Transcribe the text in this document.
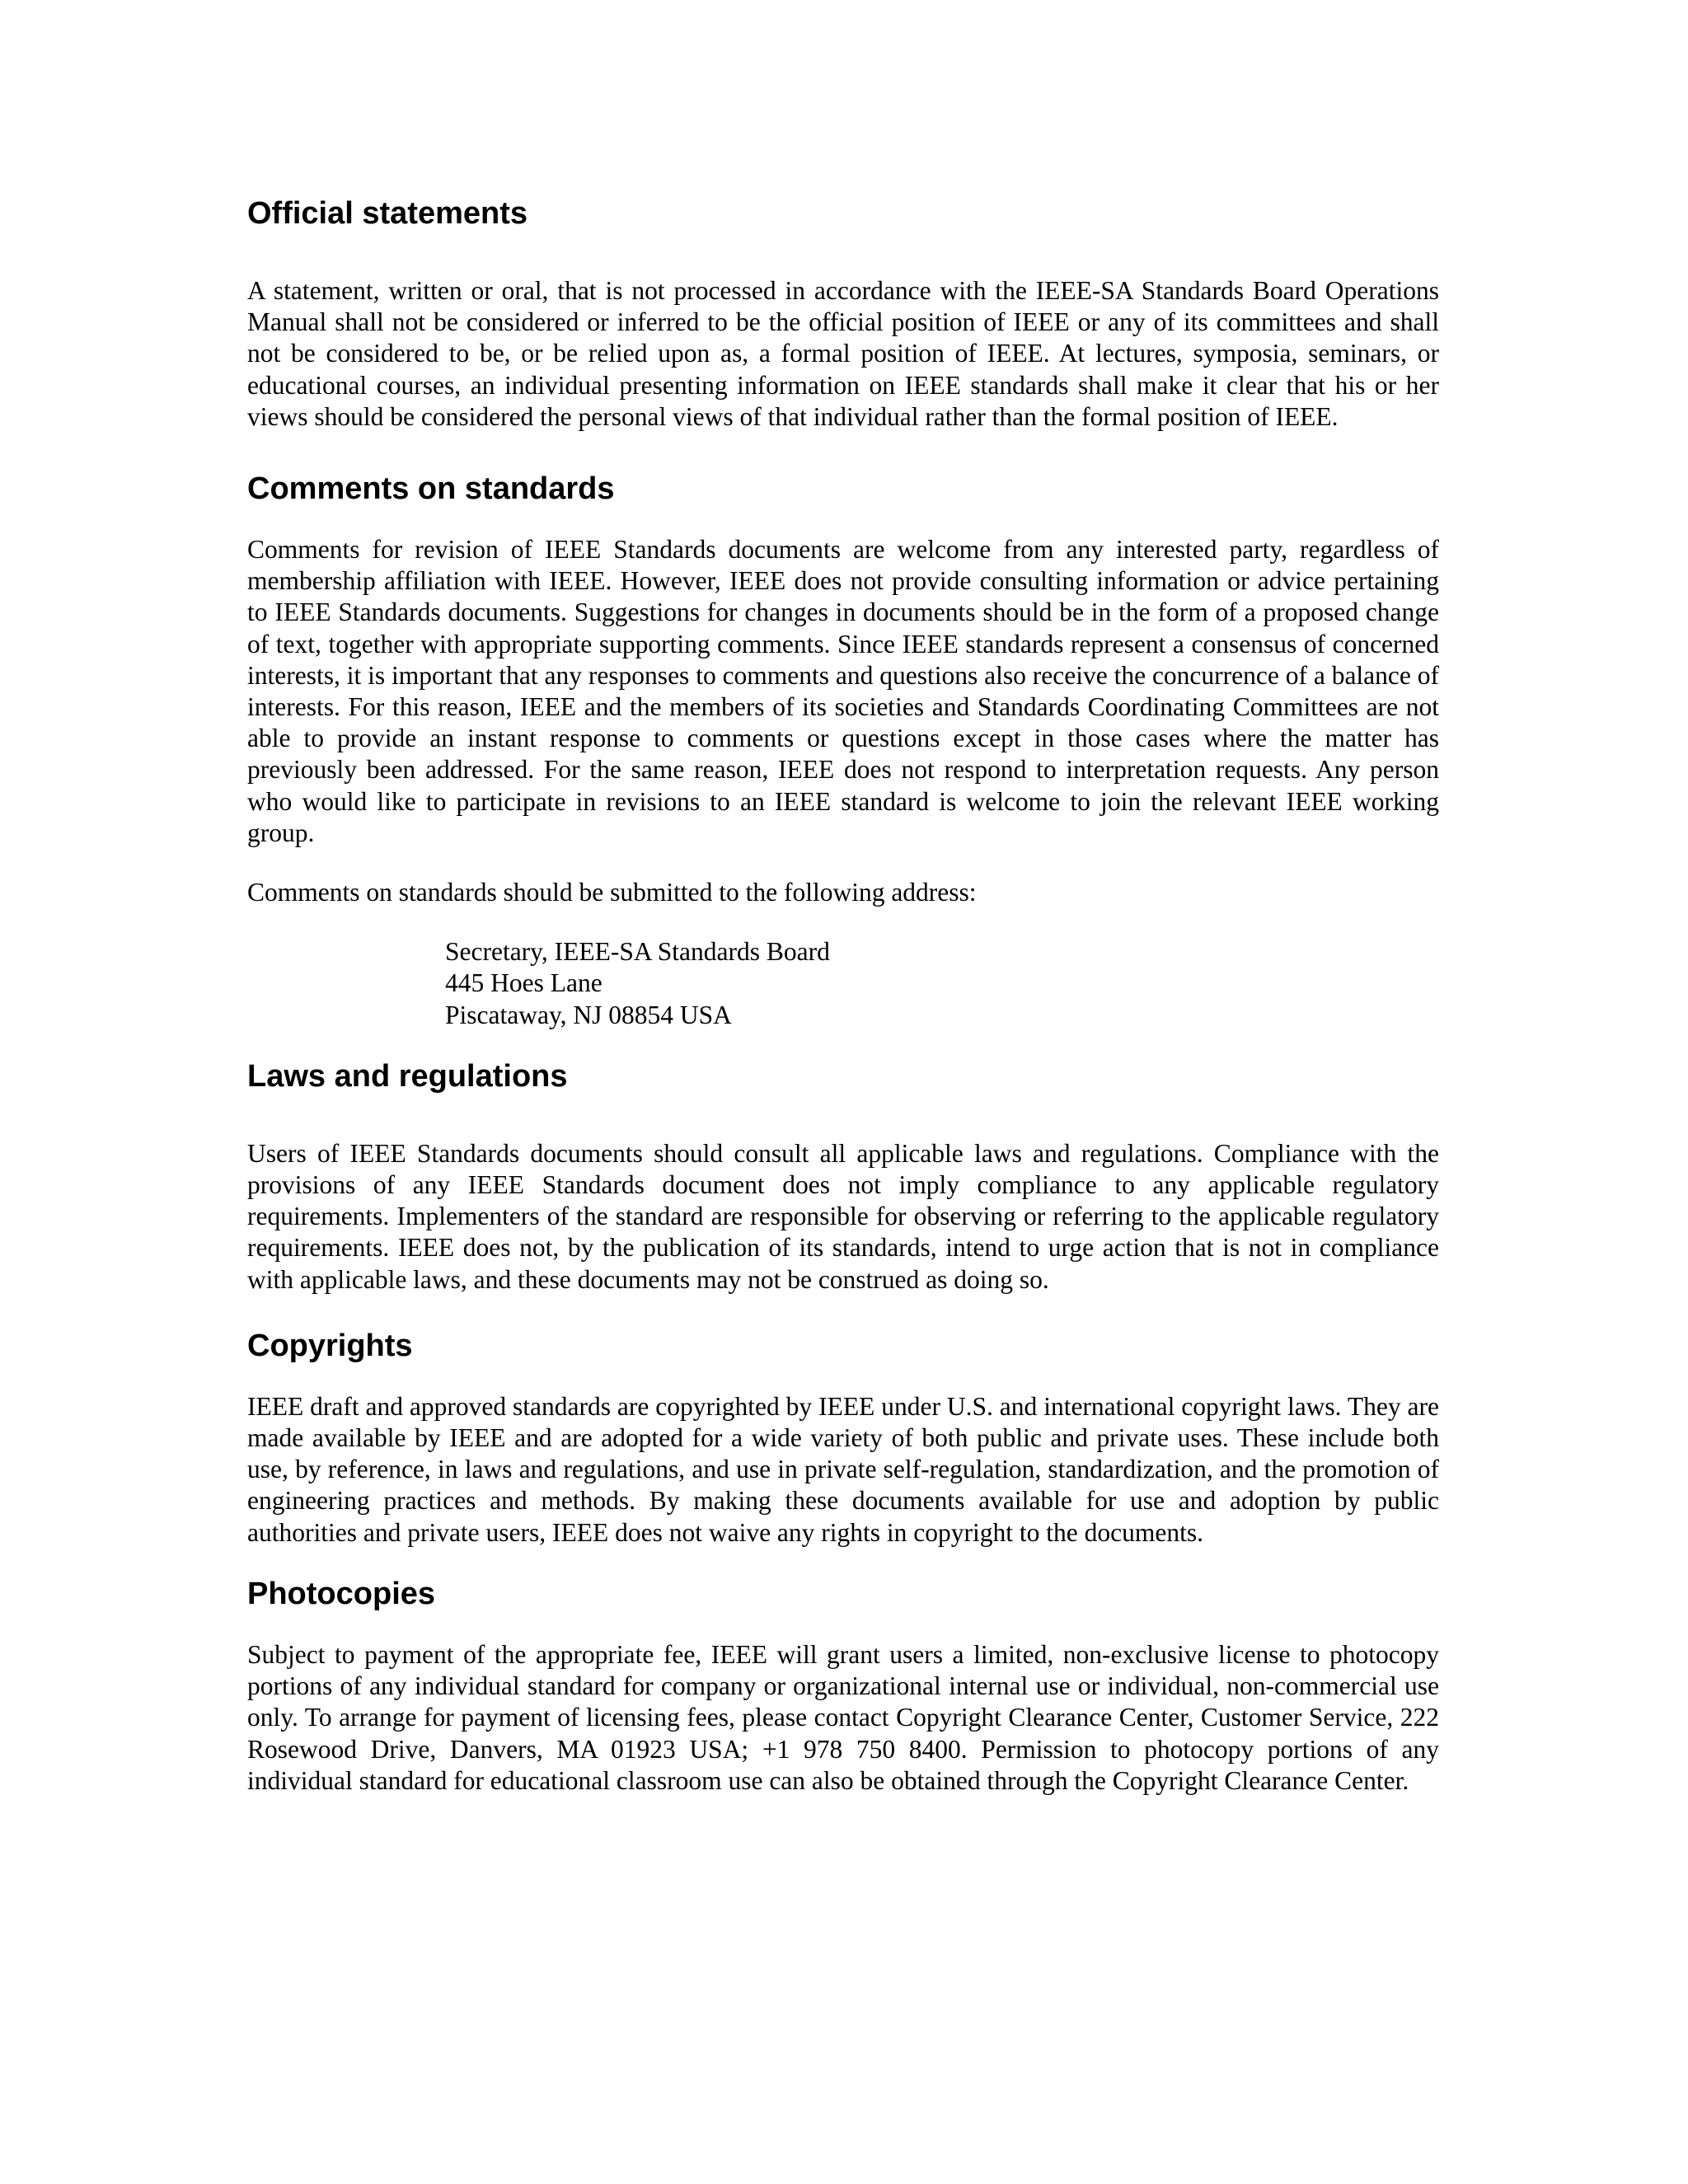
Official statements

A statement, written or oral, that is not processed in accordance with the IEEE-SA Standards Board Operations Manual shall not be considered or inferred to be the official position of IEEE or any of its committees and shall not be considered to be, or be relied upon as, a formal position of IEEE. At lectures, symposia, seminars, or educational courses, an individual presenting information on IEEE standards shall make it clear that his or her views should be considered the personal views of that individual rather than the formal position of IEEE.

Comments on standards

Comments for revision of IEEE Standards documents are welcome from any interested party, regardless of membership affiliation with IEEE. However, IEEE does not provide consulting information or advice pertaining to IEEE Standards documents. Suggestions for changes in documents should be in the form of a proposed change of text, together with appropriate supporting comments. Since IEEE standards represent a consensus of concerned interests, it is important that any responses to comments and questions also receive the concurrence of a balance of interests. For this reason, IEEE and the members of its societies and Standards Coordinating Committees are not able to provide an instant response to comments or questions except in those cases where the matter has previously been addressed. For the same reason, IEEE does not respond to interpretation requests. Any person who would like to participate in revisions to an IEEE standard is welcome to join the relevant IEEE working group.

Comments on standards should be submitted to the following address:

Secretary, IEEE-SA Standards Board
445 Hoes Lane
Piscataway, NJ 08854 USA
Laws and regulations

Users of IEEE Standards documents should consult all applicable laws and regulations. Compliance with the provisions of any IEEE Standards document does not imply compliance to any applicable regulatory requirements. Implementers of the standard are responsible for observing or referring to the applicable regulatory requirements. IEEE does not, by the publication of its standards, intend to urge action that is not in compliance with applicable laws, and these documents may not be construed as doing so.

Copyrights

IEEE draft and approved standards are copyrighted by IEEE under U.S. and international copyright laws. They are made available by IEEE and are adopted for a wide variety of both public and private uses. These include both use, by reference, in laws and regulations, and use in private self-regulation, standardization, and the promotion of engineering practices and methods. By making these documents available for use and adoption by public authorities and private users, IEEE does not waive any rights in copyright to the documents.

Photocopies

Subject to payment of the appropriate fee, IEEE will grant users a limited, non-exclusive license to photocopy portions of any individual standard for company or organizational internal use or individual, non-commercial use only. To arrange for payment of licensing fees, please contact Copyright Clearance Center, Customer Service, 222 Rosewood Drive, Danvers, MA 01923 USA; +1 978 750 8400. Permission to photocopy portions of any individual standard for educational classroom use can also be obtained through the Copyright Clearance Center.
